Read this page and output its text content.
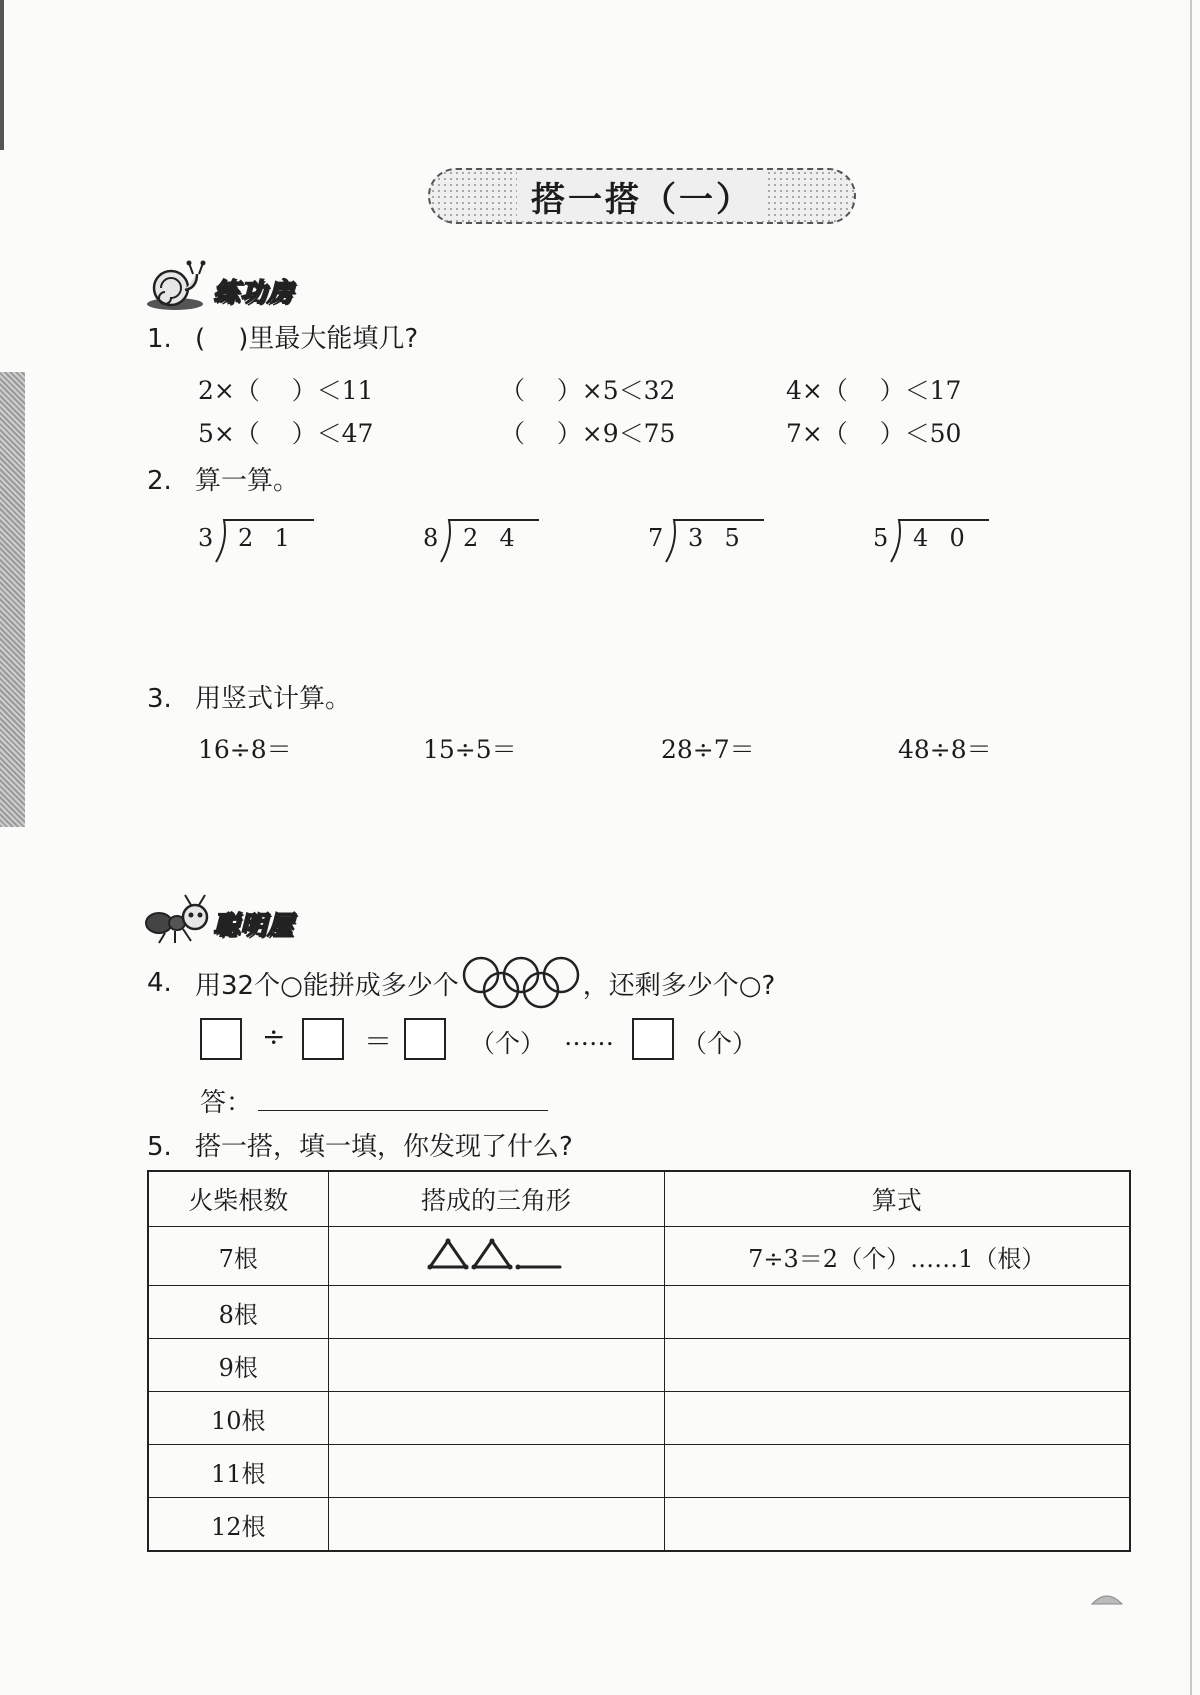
搭一搭（一）
练功房
1. (    )里最大能填几?
2×（    ）＜11	（    ）×5＜32	4×（    ）＜17
5×（    ）＜47	（    ）×9＜75	7×（    ）＜50
2. 算一算。
3 2  1	8 2  4	7 3  5	5 4  0
3. 用竖式计算。
16÷8＝	15÷5＝	28÷7＝	48÷8＝
聪明屋
4. 用32个○能拼成多少个	，还剩多少个○?
÷	＝	（个） ……	（个）
答：
5. 搭一搭，填一填，你发现了什么?
火柴根数	搭成的三角形	算式
7根		7÷3＝2（个）……1（根）
8根		
9根		
10根		
11根		
12根		
